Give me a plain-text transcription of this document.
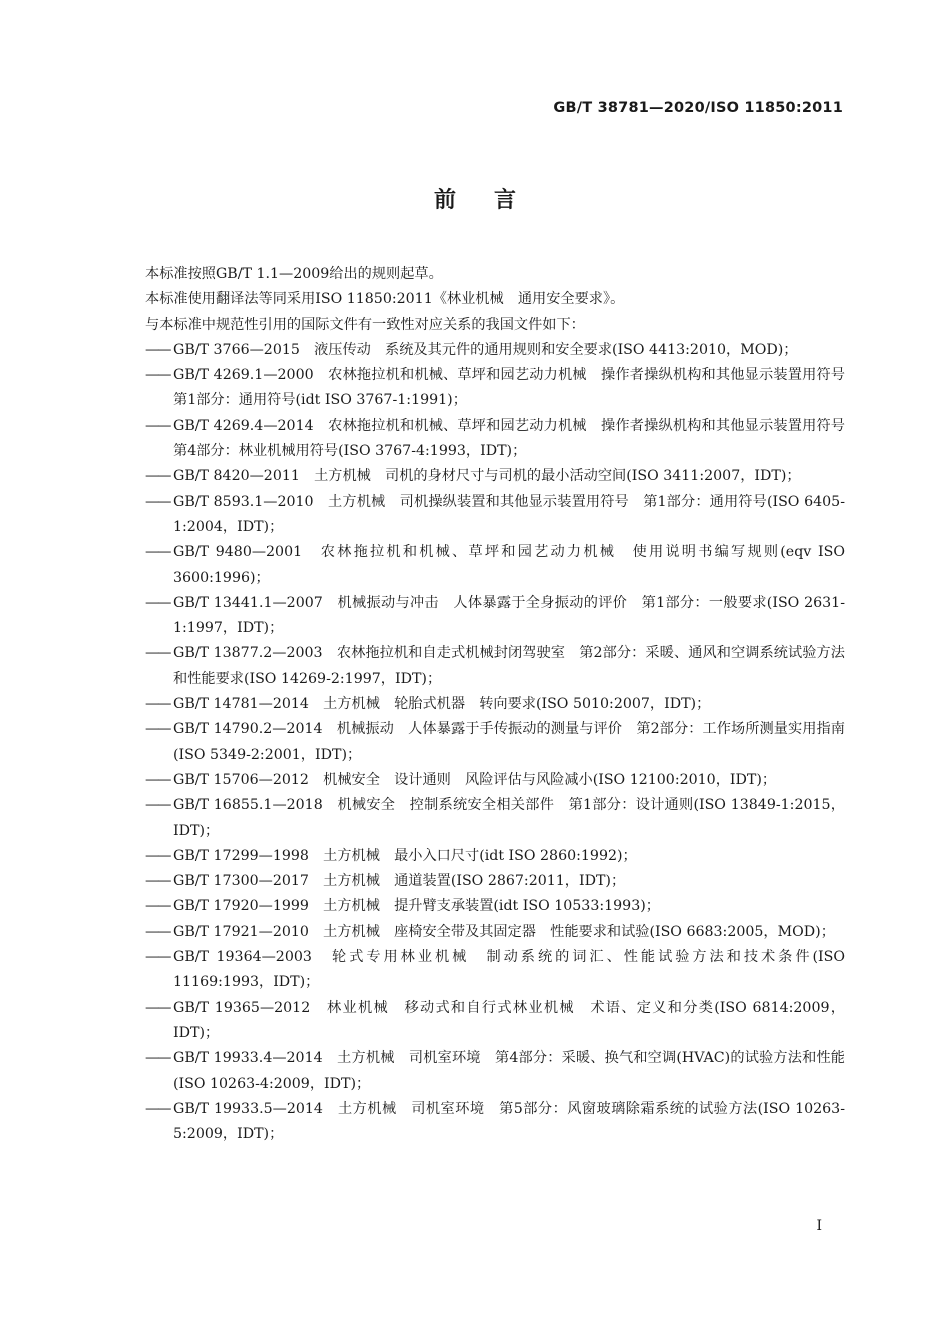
GB/T 38781—2020/ISO 11850:2011
前言

本标准按照GB/T 1.1—2009给出的规则起草。

本标准使用翻译法等同采用ISO 11850:2011《林业机械　通用安全要求》。

与本标准中规范性引用的国际文件有一致性对应关系的我国文件如下：

—— GB/T 3766—2015　液压传动　系统及其元件的通用规则和安全要求(ISO 4413:2010，MOD)；
—— GB/T 4269.1—2000　农林拖拉机和机械、草坪和园艺动力机械　操作者操纵机构和其他显示装置用符号　第1部分：通用符号(idt ISO 3767-1:1991)；
—— GB/T 4269.4—2014　农林拖拉机和机械、草坪和园艺动力机械　操作者操纵机构和其他显示装置用符号　第4部分：林业机械用符号(ISO 3767-4:1993，IDT)；
—— GB/T 8420—2011　土方机械　司机的身材尺寸与司机的最小活动空间(ISO 3411:2007，IDT)；
—— GB/T 8593.1—2010　土方机械　司机操纵装置和其他显示装置用符号　第1部分：通用符号(ISO 6405-1:2004，IDT)；
—— GB/T 9480—2001　农林拖拉机和机械、草坪和园艺动力机械　使用说明书编写规则(eqv ISO 3600:1996)；
—— GB/T 13441.1—2007　机械振动与冲击　人体暴露于全身振动的评价　第1部分：一般要求(ISO 2631-1:1997，IDT)；
—— GB/T 13877.2—2003　农林拖拉机和自走式机械封闭驾驶室　第2部分：采暖、通风和空调系统试验方法和性能要求(ISO 14269-2:1997，IDT)；
—— GB/T 14781—2014　土方机械　轮胎式机器　转向要求(ISO 5010:2007，IDT)；
—— GB/T 14790.2—2014　机械振动　人体暴露于手传振动的测量与评价　第2部分：工作场所测量实用指南(ISO 5349-2:2001，IDT)；
—— GB/T 15706—2012　机械安全　设计通则　风险评估与风险减小(ISO 12100:2010，IDT)；
—— GB/T 16855.1—2018　机械安全　控制系统安全相关部件　第1部分：设计通则(ISO 13849-1:2015，IDT)；
—— GB/T 17299—1998　土方机械　最小入口尺寸(idt ISO 2860:1992)；
—— GB/T 17300—2017　土方机械　通道装置(ISO 2867:2011，IDT)；
—— GB/T 17920—1999　土方机械　提升臂支承装置(idt ISO 10533:1993)；
—— GB/T 17921—2010　土方机械　座椅安全带及其固定器　性能要求和试验(ISO 6683:2005，MOD)；
—— GB/T 19364—2003　轮式专用林业机械　制动系统的词汇、性能试验方法和技术条件(ISO 11169:1993，IDT)；
—— GB/T 19365—2012　林业机械　移动式和自行式林业机械　术语、定义和分类(ISO 6814:2009，IDT)；
—— GB/T 19933.4—2014　土方机械　司机室环境　第4部分：采暖、换气和空调(HVAC)的试验方法和性能(ISO 10263-4:2009，IDT)；
—— GB/T 19933.5—2014　土方机械　司机室环境　第5部分：风窗玻璃除霜系统的试验方法(ISO 10263-5:2009，IDT)；
I
